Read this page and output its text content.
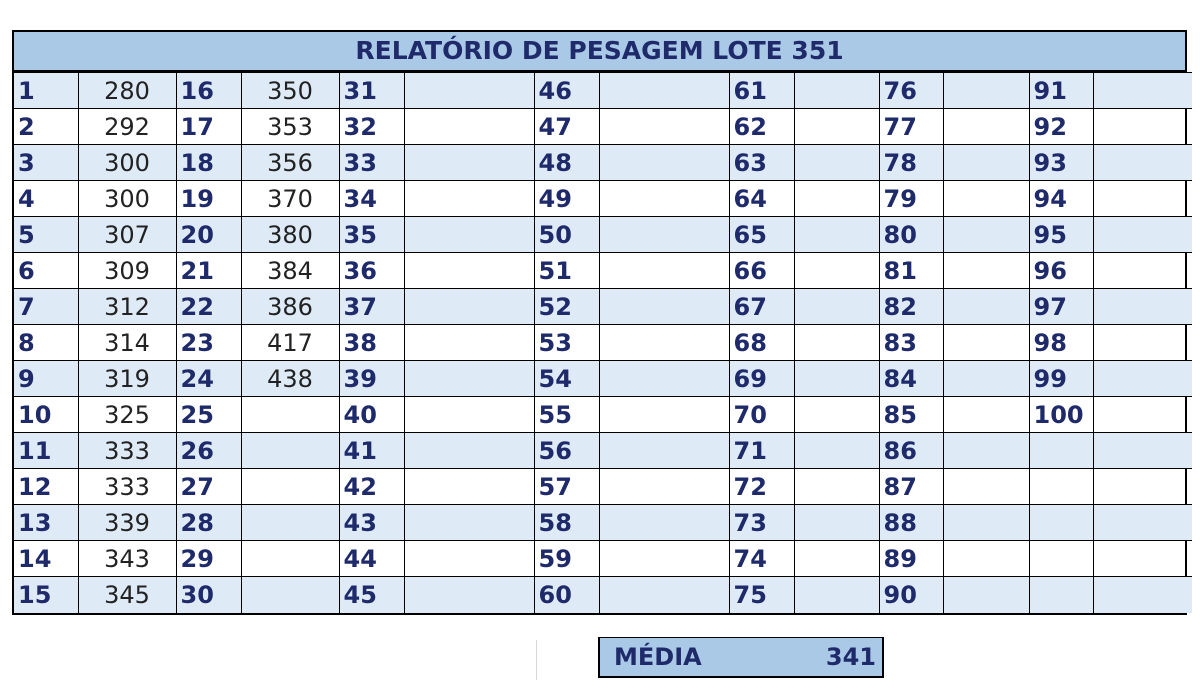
RELATÓRIO DE PESAGEM LOTE 351
1	280	16	350	31		46		61		76		91	
2	292	17	353	32		47		62		77		92	
3	300	18	356	33		48		63		78		93	
4	300	19	370	34		49		64		79		94	
5	307	20	380	35		50		65		80		95	
6	309	21	384	36		51		66		81		96	
7	312	22	386	37		52		67		82		97	
8	314	23	417	38		53		68		83		98	
9	319	24	438	39		54		69		84		99	
10	325	25		40		55		70		85		100	
11	333	26		41		56		71		86			
12	333	27		42		57		72		87			
13	339	28		43		58		73		88			
14	343	29		44		59		74		89			
15	345	30		45		60		75		90			
MÉDIA	341
